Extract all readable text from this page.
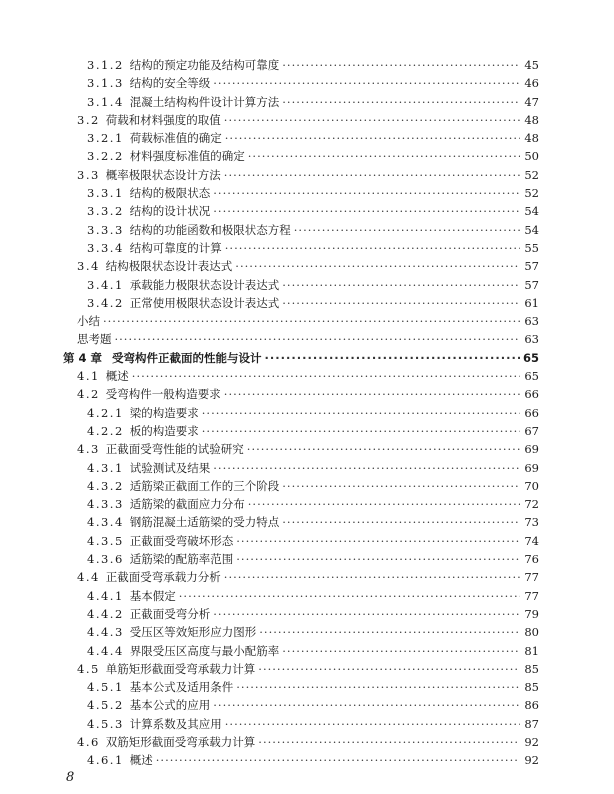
3.1.2 结构的预定功能及结构可靠度 ·····	45
3.1.3 结构的安全等级 ·····	46
3.1.4 混凝土结构构件设计计算方法 ·····	47
3.2 荷载和材料强度的取值 ·····	48
3.2.1 荷载标准值的确定 ·····	48
3.2.2 材料强度标准值的确定 ·····	50
3.3 概率极限状态设计方法 ·····	52
3.3.1 结构的极限状态 ·····	52
3.3.2 结构的设计状况 ·····	54
3.3.3 结构的功能函数和极限状态方程 ·····	54
3.3.4 结构可靠度的计算 ·····	55
3.4 结构极限状态设计表达式 ·····	57
3.4.1 承载能力极限状态设计表达式 ·····	57
3.4.2 正常使用极限状态设计表达式 ·····	61
小结 ·····	63
思考题 ·····	63
第 4 章 受弯构件正截面的性能与设计 ·····	65
4.1 概述 ·····	65
4.2 受弯构件一般构造要求 ·····	66
4.2.1 梁的构造要求 ·····	66
4.2.2 板的构造要求 ·····	67
4.3 正截面受弯性能的试验研究 ·····	69
4.3.1 试验测试及结果 ·····	69
4.3.2 适筋梁正截面工作的三个阶段 ·····	70
4.3.3 适筋梁的截面应力分布 ·····	72
4.3.4 钢筋混凝土适筋梁的受力特点 ·····	73
4.3.5 正截面受弯破坏形态 ·····	74
4.3.6 适筋梁的配筋率范围 ·····	76
4.4 正截面受弯承载力分析 ·····	77
4.4.1 基本假定 ·····	77
4.4.2 正截面受弯分析 ·····	79
4.4.3 受压区等效矩形应力图形 ·····	80
4.4.4 界限受压区高度与最小配筋率 ·····	81
4.5 单筋矩形截面受弯承载力计算 ·····	85
4.5.1 基本公式及适用条件 ·····	85
4.5.2 基本公式的应用 ·····	86
4.5.3 计算系数及其应用 ·····	87
4.6 双筋矩形截面受弯承载力计算 ·····	92
4.6.1 概述 ·····	92
8
